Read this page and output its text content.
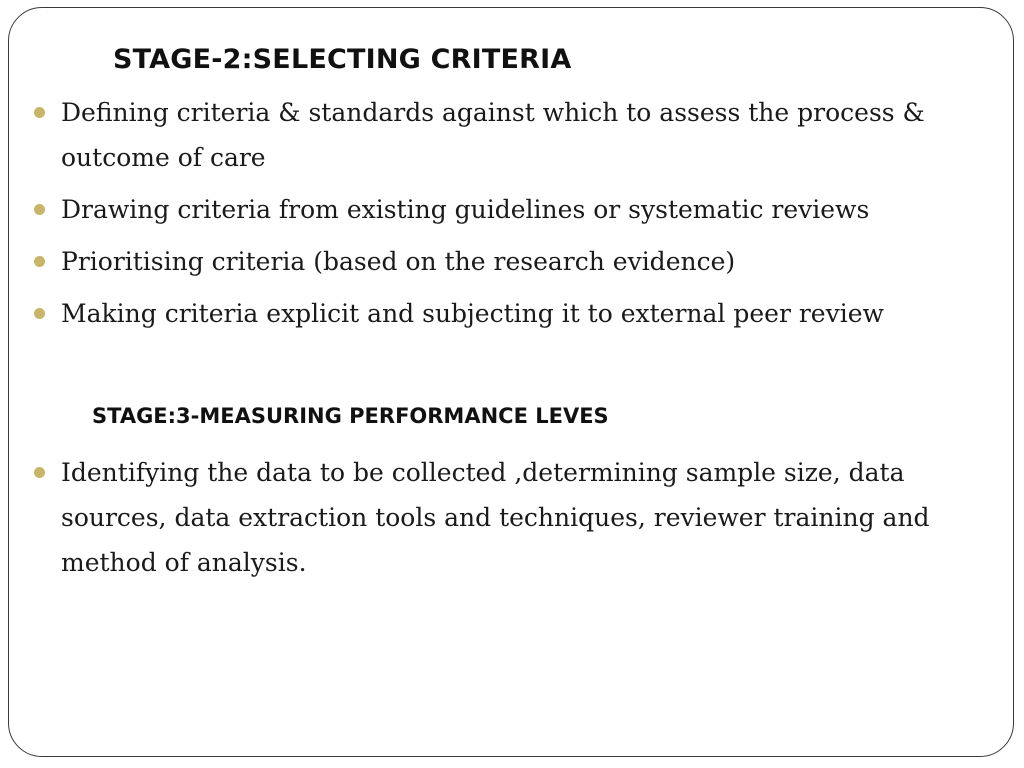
STAGE-2:SELECTING CRITERIA
Defining criteria & standards against which to assess the process & outcome of care
Drawing criteria from existing guidelines or systematic reviews
Prioritising criteria (based on the research evidence)
Making criteria explicit and subjecting it to external peer review
STAGE:3-MEASURING PERFORMANCE LEVES
Identifying the data to be collected ,determining sample size, data sources, data extraction tools and techniques, reviewer training and method of analysis.
